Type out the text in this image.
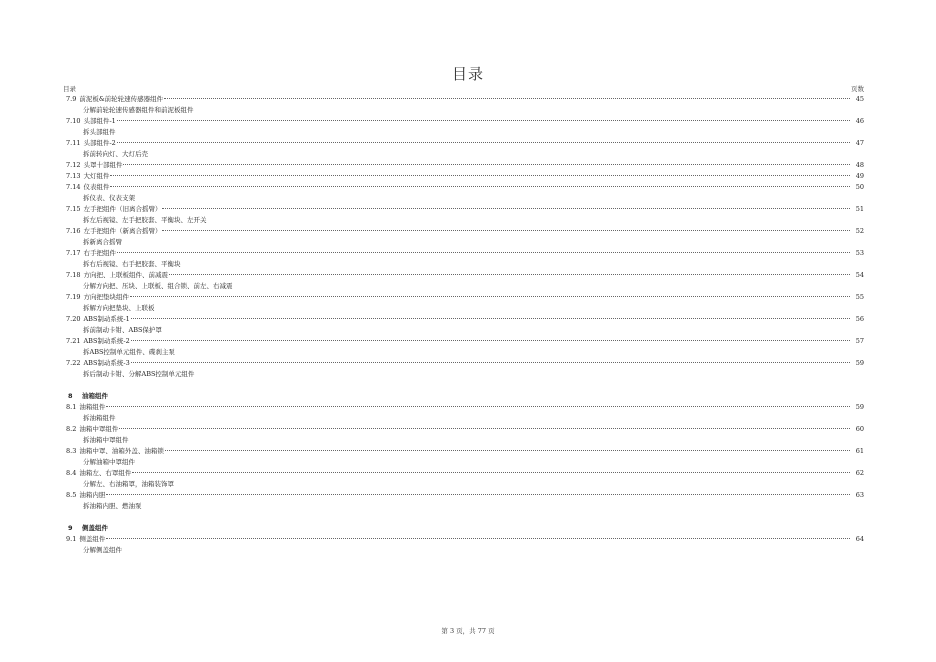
目录
目录	页数
7.9 前泥板&前轮轮速传感器组件	45
分解前轮轮速传感器组件和前泥板组件
7.10 头部组件-1	46
拆头部组件
7.11 头部组件-2	47
拆前转向灯、大灯后壳
7.12 头罩十部组件	48
7.13 大灯组件	49
7.14 仪表组件	50
拆仪表、仪表支架
7.15 左手把组件（旧离合摇臂）	51
拆左后视镜、左手把胶套、平衡块、左开关
7.16 左手把组件（新离合摇臂）	52
拆新离合摇臂
7.17 右手把组件	53
拆右后视镜、右手把胶套、平衡块
7.18 方向把、上联板组件、前减震	54
分解方向把、压块、上联板、组合锁、前左、右减震
7.19 方向把垫块组件	55
拆解方向把垫块、上联板
7.20 ABS制动系统-1	56
拆前制动卡钳、ABS保护罩
7.21 ABS制动系统-2	57
拆ABS控制单元组件、碟刹主泵
7.22 ABS制动系统-3	59
拆后制动卡钳、分解ABS控制单元组件
8 油箱组件
8.1 油箱组件	59
拆油箱组件
8.2 油箱中罩组件	60
拆油箱中罩组件
8.3 油箱中罩、油箱外盖、油箱锁	61
分解油箱中罩组件
8.4 油箱左、右罩组件	62
分解左、右油箱罩，油箱装饰罩
8.5 油箱内胆	63
拆油箱内胆、燃油泵
9 侧盖组件
9.1 侧盖组件	64
分解侧盖组件
第 3 页，共 77 页
